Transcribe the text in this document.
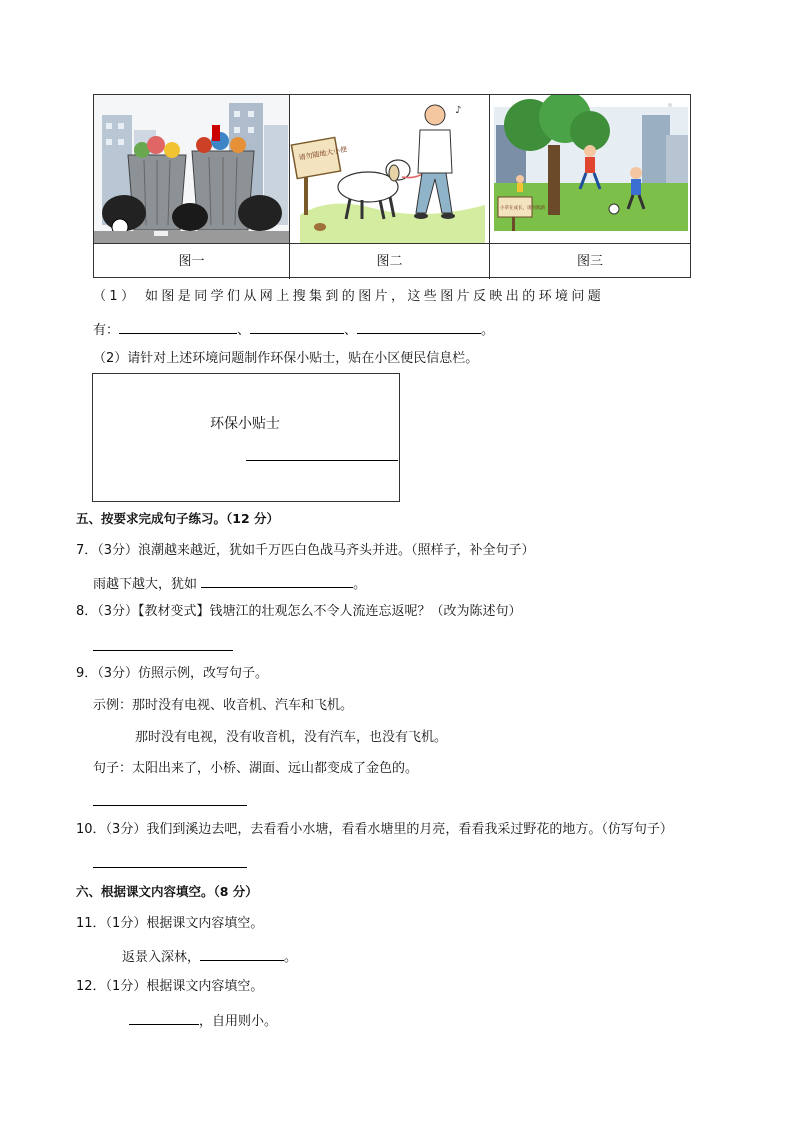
请勿随地大小便
♪
小草在成长，请勿践踏
图一	图二	图三
（1） 如图是同学们从网上搜集到的图片，这些图片反映出的环境问题
有：	、	、	。
（2）请针对上述环境问题制作环保小贴士，贴在小区便民信息栏。
环保小贴士
五、按要求完成句子练习。（12 分）
7．（3分）浪潮越来越近，犹如千万匹白色战马齐头并进。（照样子，补全句子）
雨越下越大，犹如	。
8．（3分）【教材变式】钱塘江的壮观怎么不令人流连忘返呢？（改为陈述句）
9．（3分）仿照示例，改写句子。
示例：那时没有电视、收音机、汽车和飞机。
那时没有电视，没有收音机，没有汽车，也没有飞机。
句子：太阳出来了，小桥、湖面、远山都变成了金色的。
10．（3分）我们到溪边去吧，去看看小水塘，看看水塘里的月亮，看看我采过野花的地方。（仿写句子）
六、根据课文内容填空。（8 分）
11．（1分）根据课文内容填空。
返景入深林，	。
12．（1分）根据课文内容填空。
，自用则小。
